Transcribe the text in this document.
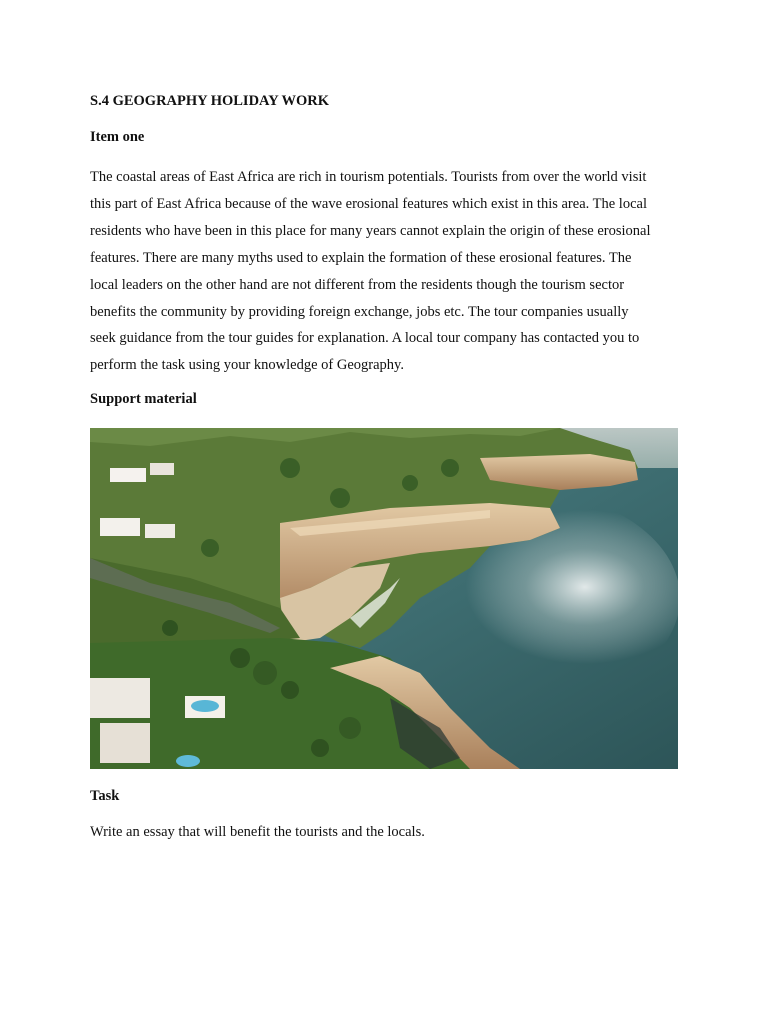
S.4 GEOGRAPHY HOLIDAY WORK
Item one
The coastal areas of East Africa are rich in tourism potentials. Tourists from over the world visit
this part of East Africa because of the wave erosional features which exist in this area. The local
residents who have been in this place for many years cannot explain the origin of these erosional
features. There are many myths used to explain the formation of these erosional features. The
local leaders on the other hand are not different from the residents though the tourism sector
benefits the community by providing foreign exchange, jobs etc. The tour companies usually
seek guidance from the tour guides for explanation. A local tour company has contacted you to
perform the task using your knowledge of Geography.
Support material
Task
Write an essay that will benefit the tourists and the locals.
